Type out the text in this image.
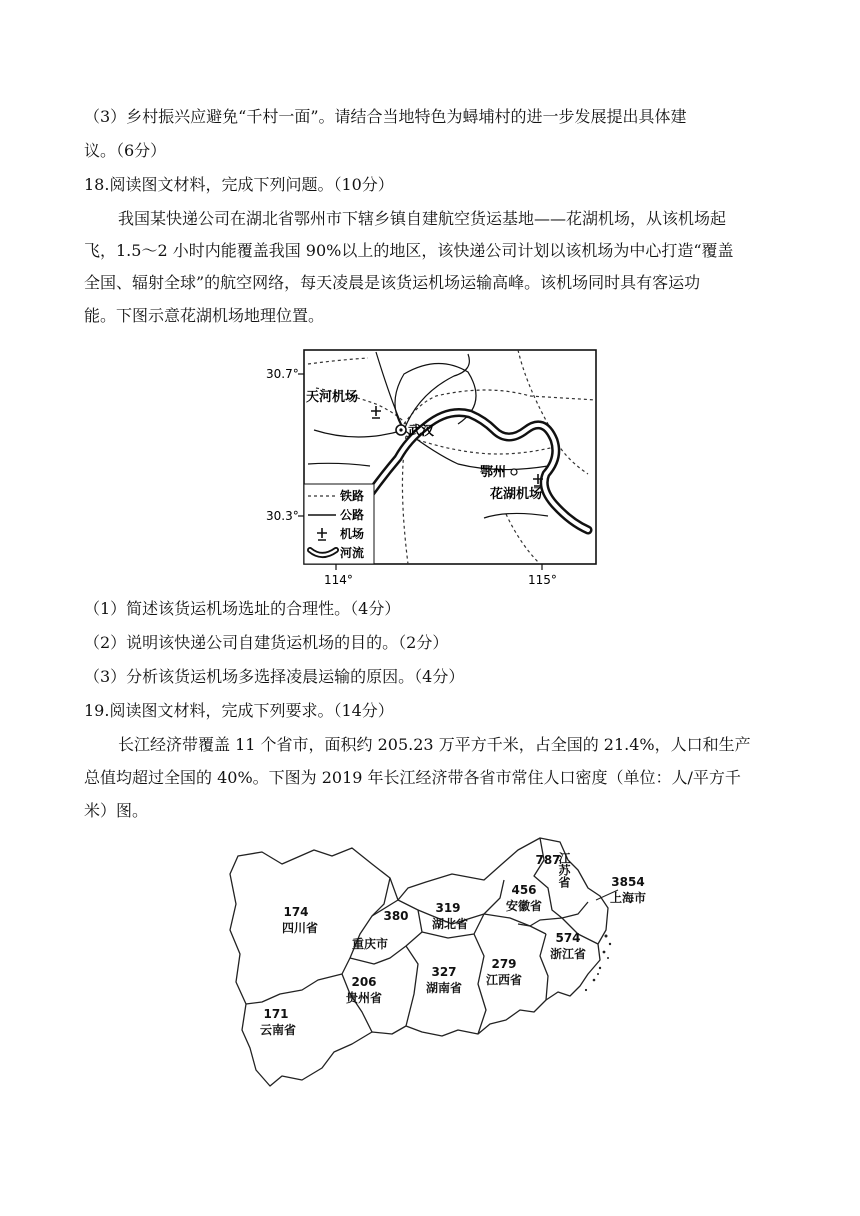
（3）乡村振兴应避免“千村一面”。请结合当地特色为蟳埔村的进一步发展提出具体建
议。（6分）
18.阅读图文材料，完成下列问题。（10分）
我国某快递公司在湖北省鄂州市下辖乡镇自建航空货运基地——花湖机场，从该机场起
飞，1.5～2 小时内能覆盖我国 90%以上的地区，该快递公司计划以该机场为中心打造“覆盖
全国、辐射全球”的航空网络，每天凌晨是该货运机场运输高峰。该机场同时具有客运功
能。下图示意花湖机场地理位置。
30.7°
30.3°
114°	115°
武汉
天河机场
鄂州
花湖机场
铁路
公路
机场
河流
（1）简述该货运机场选址的合理性。（4分）
（2）说明该快递公司自建货运机场的目的。（2分）
（3）分析该货运机场多选择凌晨运输的原因。（4分）
19.阅读图文材料，完成下列要求。（14分）
长江经济带覆盖 11 个省市，面积约 205.23 万平方千米，占全国的 21.4%，人口和生产
总值均超过全国的 40%。下图为 2019 年长江经济带各省市常住人口密度（单位：人/平方千
米）图。
174
四川省
380
重庆市
319
湖北省
456
安徽省
787
江苏省	3854
上海市
574
浙江省
206
贵州省
327
湖南省
279
江西省
171
云南省
